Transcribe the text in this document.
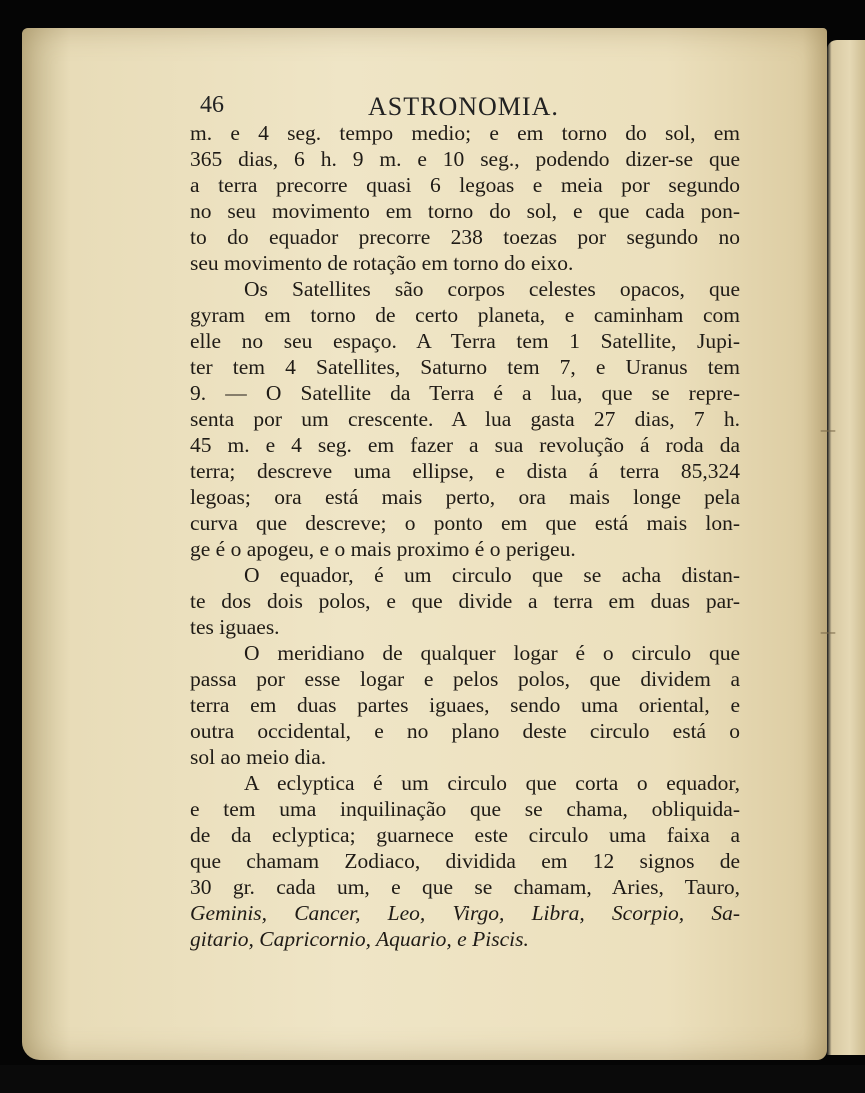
46	ASTRONOMIA.
m. e 4 seg. tempo medio; e em torno do sol, em
365 dias, 6 h. 9 m. e 10 seg., podendo dizer-se que
a terra precorre quasi 6 legoas e meia por segundo
no seu movimento em torno do sol, e que cada pon-
to do equador precorre 238 toezas por segundo no
seu movimento de rotação em torno do eixo.
Os Satellites são corpos celestes opacos, que
gyram em torno de certo planeta, e caminham com
elle no seu espaço. A Terra tem 1 Satellite, Jupi-
ter tem 4 Satellites, Saturno tem 7, e Uranus tem
9. — O Satellite da Terra é a lua, que se repre-
senta por um crescente. A lua gasta 27 dias, 7 h.
45 m. e 4 seg. em fazer a sua revolução á roda da
terra; descreve uma ellipse, e dista á terra 85,324
legoas; ora está mais perto, ora mais longe pela
curva que descreve; o ponto em que está mais lon-
ge é o apogeu, e o mais proximo é o perigeu.
O equador, é um circulo que se acha distan-
te dos dois polos, e que divide a terra em duas par-
tes iguaes.
O meridiano de qualquer logar é o circulo que
passa por esse logar e pelos polos, que dividem a
terra em duas partes iguaes, sendo uma oriental, e
outra occidental, e no plano deste circulo está o
sol ao meio dia.
A eclyptica é um circulo que corta o equador,
e tem uma inquilinação que se chama, obliquida-
de da eclyptica; guarnece este circulo uma faixa a
que chamam Zodiaco, dividida em 12 signos de
30 gr. cada um, e que se chamam, Aries, Tauro,
Geminis, Cancer, Leo, Virgo, Libra, Scorpio, Sa-
gitario, Capricornio, Aquario, e Piscis.
—
—
